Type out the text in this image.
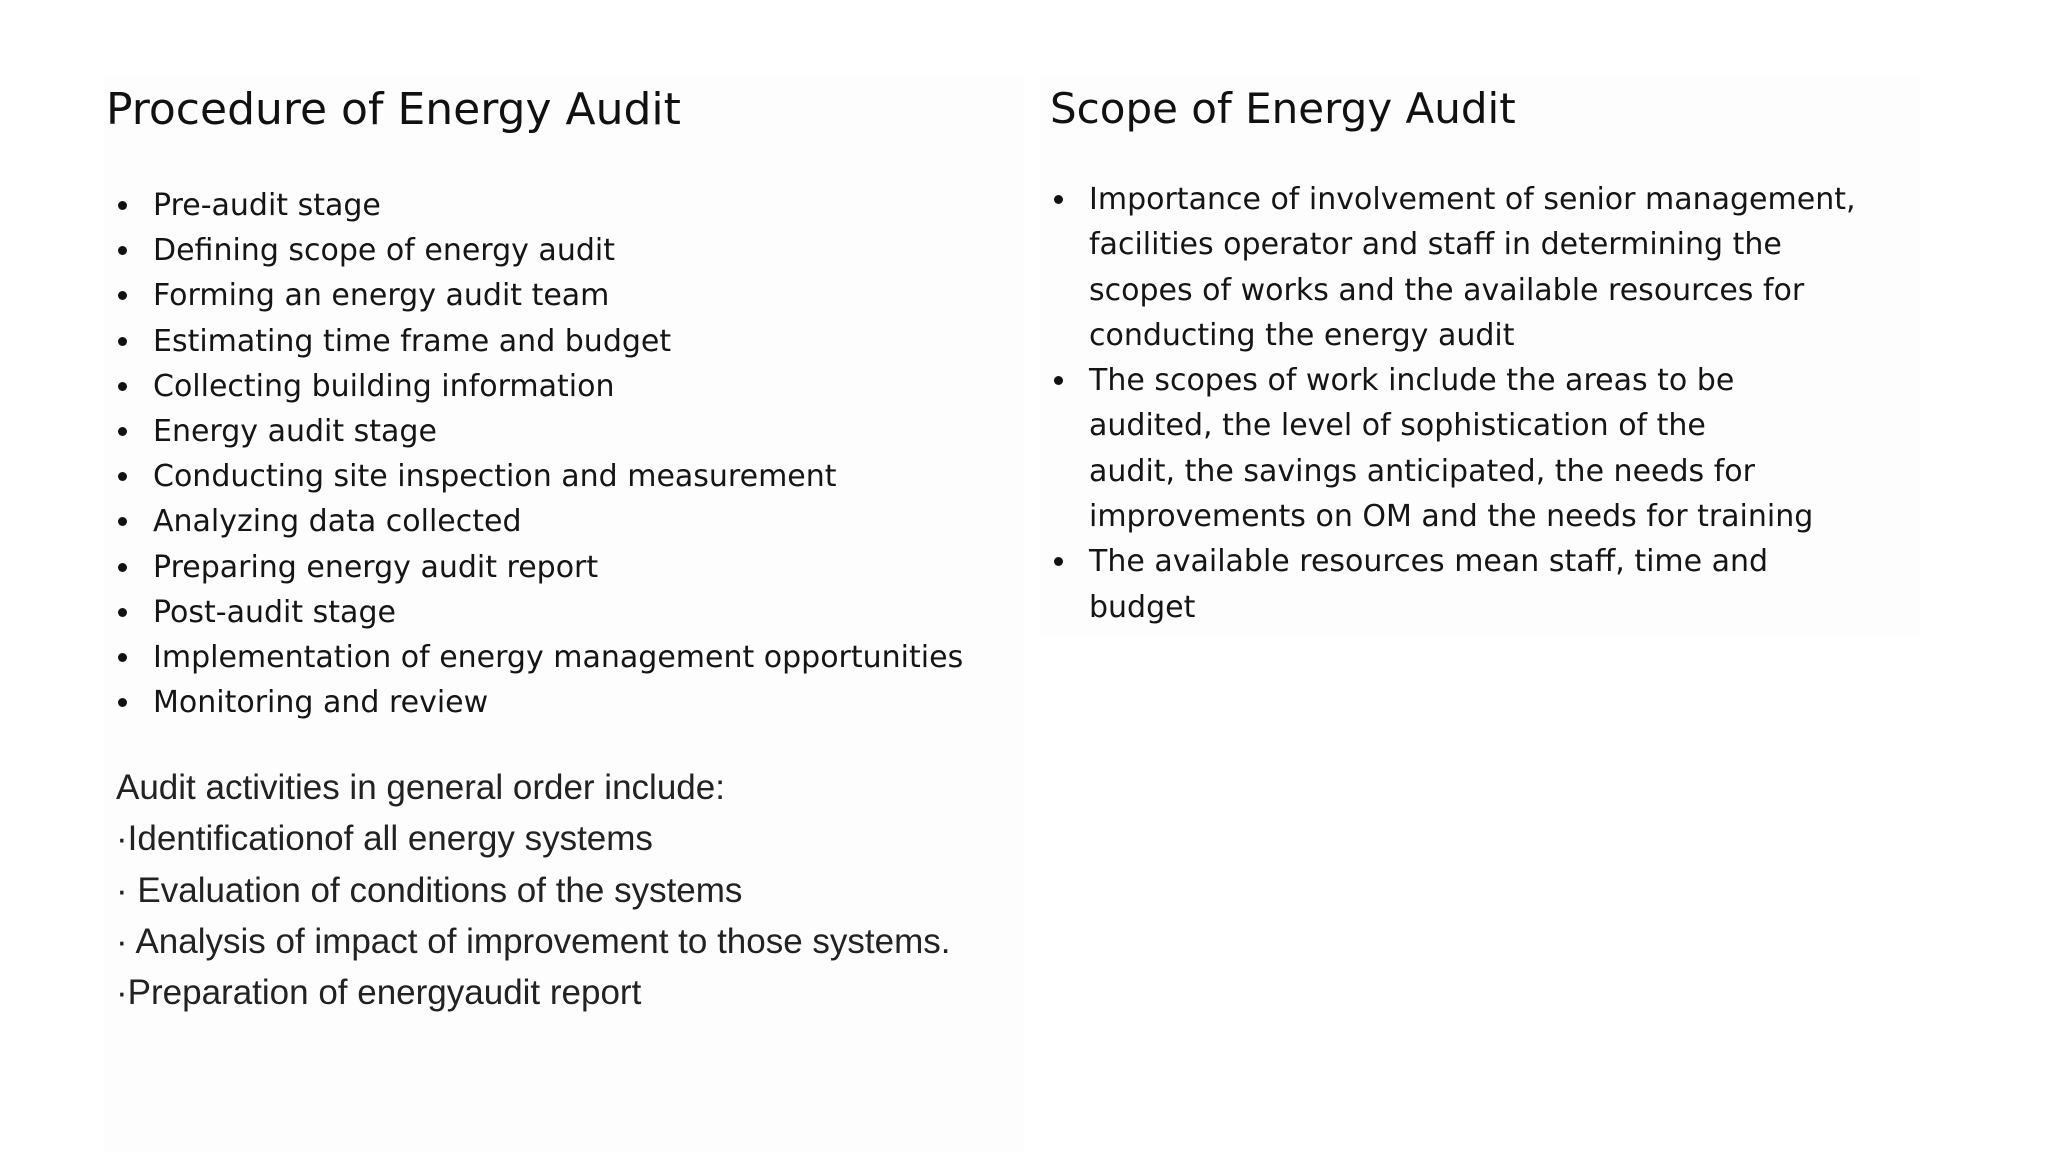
Procedure of Energy Audit
Pre-audit stage
Defining scope of energy audit
Forming an energy audit team
Estimating time frame and budget
Collecting building information
Energy audit stage
Conducting site inspection and measurement
Analyzing data collected
Preparing energy audit report
Post-audit stage
Implementation of energy management opportunities
Monitoring and review
Scope of Energy Audit
Importance of involvement of senior management,
facilities operator and staff in determining the
scopes of works and the available resources for
conducting the energy audit
The scopes of work include the areas to be
audited, the level of sophistication of the
audit, the savings anticipated, the needs for
improvements on OM and the needs for training
The available resources mean staff, time and
budget
Audit activities in general order include:
·Identificationof all energy systems
· Evaluation of conditions of the systems
· Analysis of impact of improvement to those systems.
·Preparation of energyaudit report
